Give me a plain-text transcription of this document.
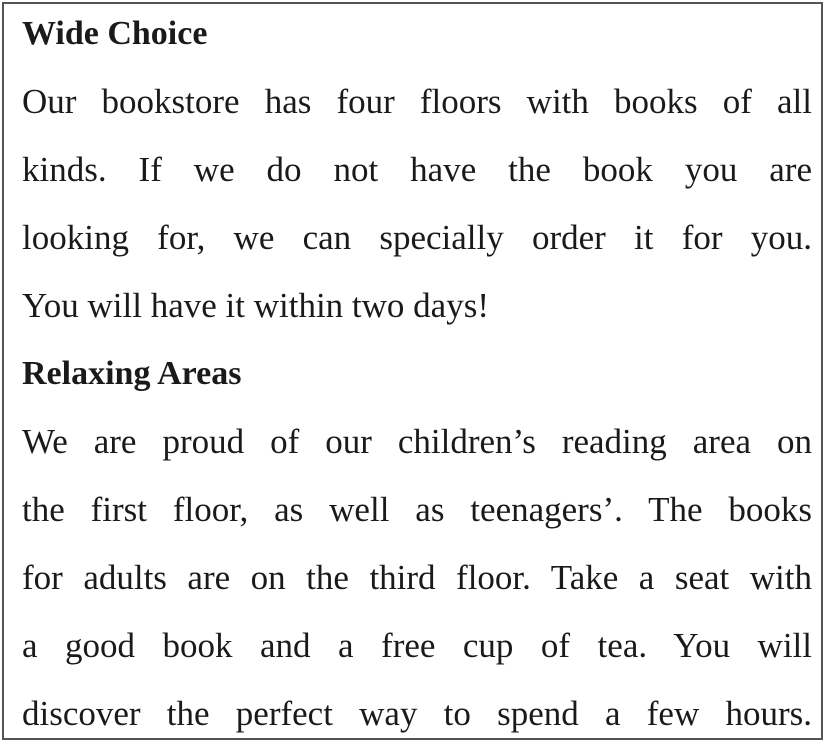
Wide Choice
Our bookstore has four floors with books of all
kinds. If we do not have the book you are
looking for, we can specially order it for you.
You will have it within two days!
Relaxing Areas
We are proud of our children’s reading area on
the first floor, as well as teenagers’. The books
for adults are on the third floor. Take a seat with
a good book and a free cup of tea. You will
discover the perfect way to spend a few hours.
